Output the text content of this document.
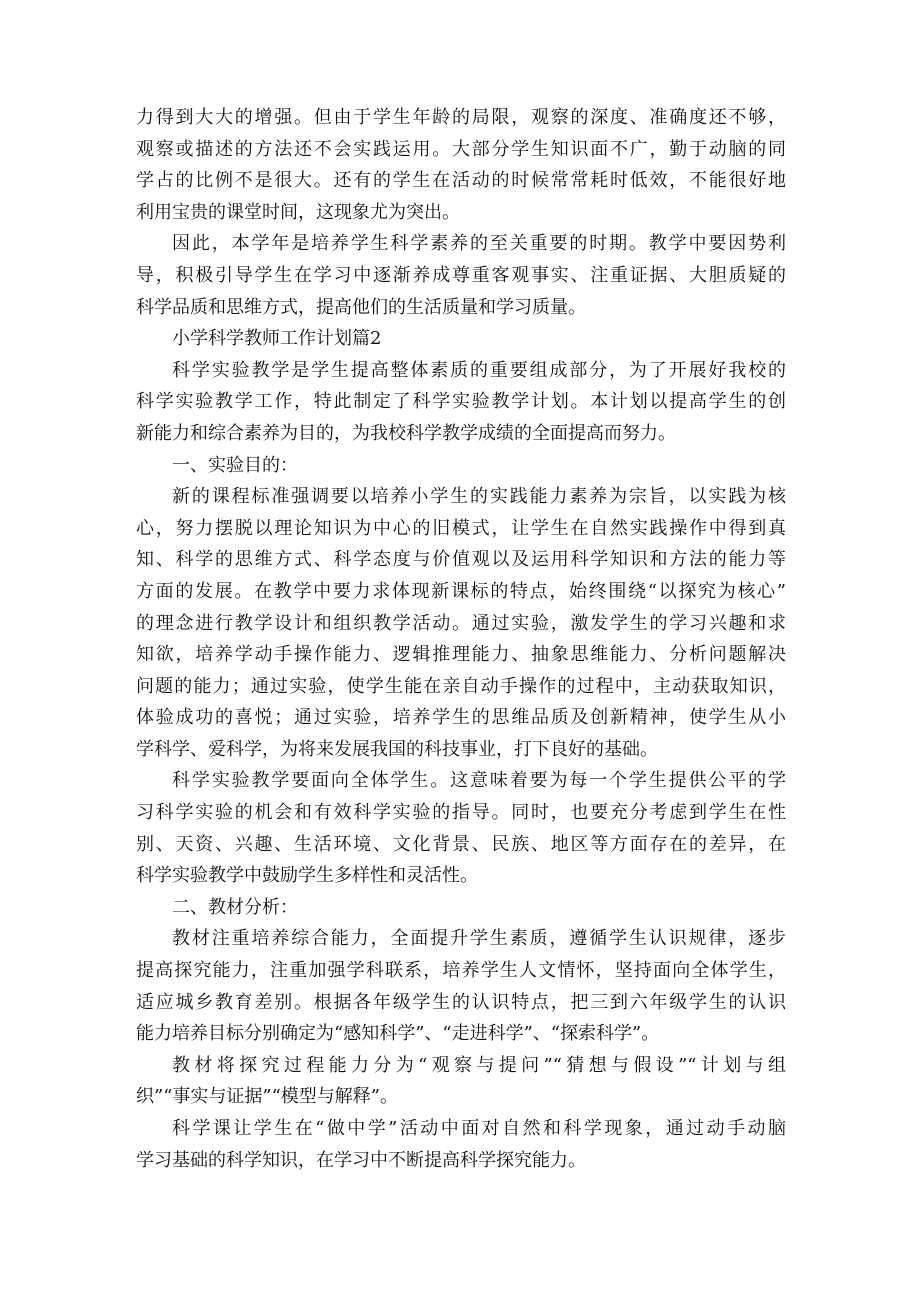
力得到大大的增强。但由于学生年龄的局限，观察的深度、准确度还不够，
观察或描述的方法还不会实践运用。大部分学生知识面不广，勤于动脑的同
学占的比例不是很大。还有的学生在活动的时候常常耗时低效，不能很好地
利用宝贵的课堂时间，这现象尤为突出。

因此，本学年是培养学生科学素养的至关重要的时期。教学中要因势利
导，积极引导学生在学习中逐渐养成尊重客观事实、注重证据、大胆质疑的
科学品质和思维方式，提高他们的生活质量和学习质量。

小学科学教师工作计划篇2

科学实验教学是学生提高整体素质的重要组成部分，为了开展好我校的
科学实验教学工作，特此制定了科学实验教学计划。本计划以提高学生的创
新能力和综合素养为目的，为我校科学教学成绩的全面提高而努力。

一、实验目的：

新的课程标准强调要以培养小学生的实践能力素养为宗旨，以实践为核
心，努力摆脱以理论知识为中心的旧模式，让学生在自然实践操作中得到真
知、科学的思维方式、科学态度与价值观以及运用科学知识和方法的能力等
方面的发展。在教学中要力求体现新课标的特点，始终围绕“以探究为核心”
的理念进行教学设计和组织教学活动。通过实验，激发学生的学习兴趣和求
知欲，培养学动手操作能力、逻辑推理能力、抽象思维能力、分析问题解决
问题的能力；通过实验，使学生能在亲自动手操作的过程中，主动获取知识，
体验成功的喜悦；通过实验，培养学生的思维品质及创新精神，使学生从小
学科学、爱科学，为将来发展我国的科技事业，打下良好的基础。

科学实验教学要面向全体学生。这意味着要为每一个学生提供公平的学
习科学实验的机会和有效科学实验的指导。同时，也要充分考虑到学生在性
别、天资、兴趣、生活环境、文化背景、民族、地区等方面存在的差异，在
科学实验教学中鼓励学生多样性和灵活性。

二、教材分析：

教材注重培养综合能力，全面提升学生素质，遵循学生认识规律，逐步
提高探究能力，注重加强学科联系，培养学生人文情怀，坚持面向全体学生，
适应城乡教育差别。根据各年级学生的认识特点，把三到六年级学生的认识
能力培养目标分别确定为“感知科学”、“走进科学”、“探索科学”。

教材将探究过程能力分为“观察与提问”“猜想与假设”“计划与组
织”“事实与证据”“模型与解释”。

科学课让学生在“做中学”活动中面对自然和科学现象，通过动手动脑
学习基础的科学知识，在学习中不断提高科学探究能力。
